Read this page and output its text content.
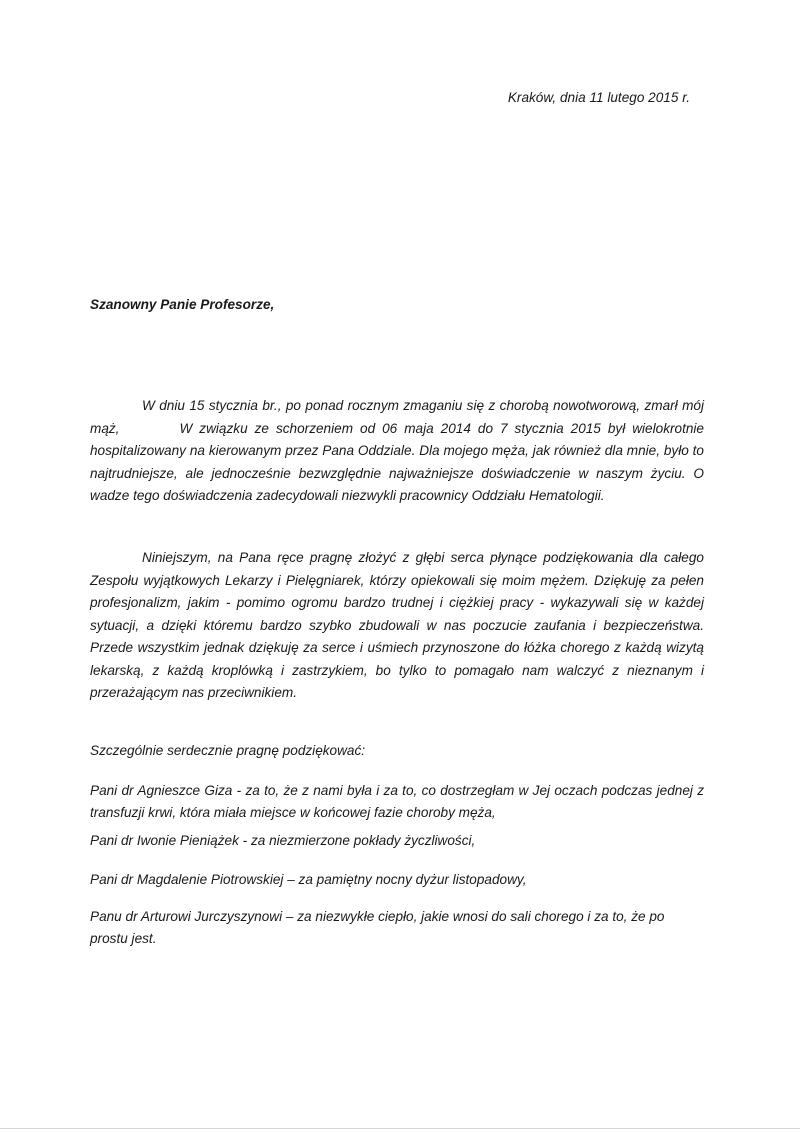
Kraków, dnia 11 lutego 2015 r.
Szanowny Panie Profesorze,

W dniu 15 stycznia br., po ponad rocznym zmaganiu się z chorobą nowotworową, zmarł mój mąż,	W związku ze schorzeniem od 06 maja 2014 do 7 stycznia 2015 był wielokrotnie hospitalizowany na kierowanym przez Pana Oddziale. Dla mojego męża, jak również dla mnie, było to najtrudniejsze, ale jednocześnie bezwzględnie najważniejsze doświadczenie w naszym życiu. O wadze tego doświadczenia zadecydowali niezwykli pracownicy Oddziału Hematologii.

Niniejszym, na Pana ręce pragnę złożyć z głębi serca płynące podziękowania dla całego Zespołu wyjątkowych Lekarzy i Pielęgniarek, którzy opiekowali się moim mężem. Dziękuję za pełen profesjonalizm, jakim - pomimo ogromu bardzo trudnej i ciężkiej pracy - wykazywali się w każdej sytuacji, a dzięki któremu bardzo szybko zbudowali w nas poczucie zaufania i bezpieczeństwa. Przede wszystkim jednak dziękuję za serce i uśmiech przynoszone do łóżka chorego z każdą wizytą lekarską, z każdą kroplówką i zastrzykiem, bo tylko to pomagało nam walczyć z nieznanym i przerażającym nas przeciwnikiem.

Szczególnie serdecznie pragnę podziękować:

Pani dr Agnieszce Giza - za to, że z nami była i za to, co dostrzegłam w Jej oczach podczas jednej z transfuzji krwi, która miała miejsce w końcowej fazie choroby męża,

Pani dr Iwonie Pieniążek - za niezmierzone pokłady życzliwości,

Pani dr Magdalenie Piotrowskiej – za pamiętny nocny dyżur listopadowy,

Panu dr Arturowi Jurczyszynowi – za niezwykłe ciepło, jakie wnosi do sali chorego i za to, że po prostu jest.
